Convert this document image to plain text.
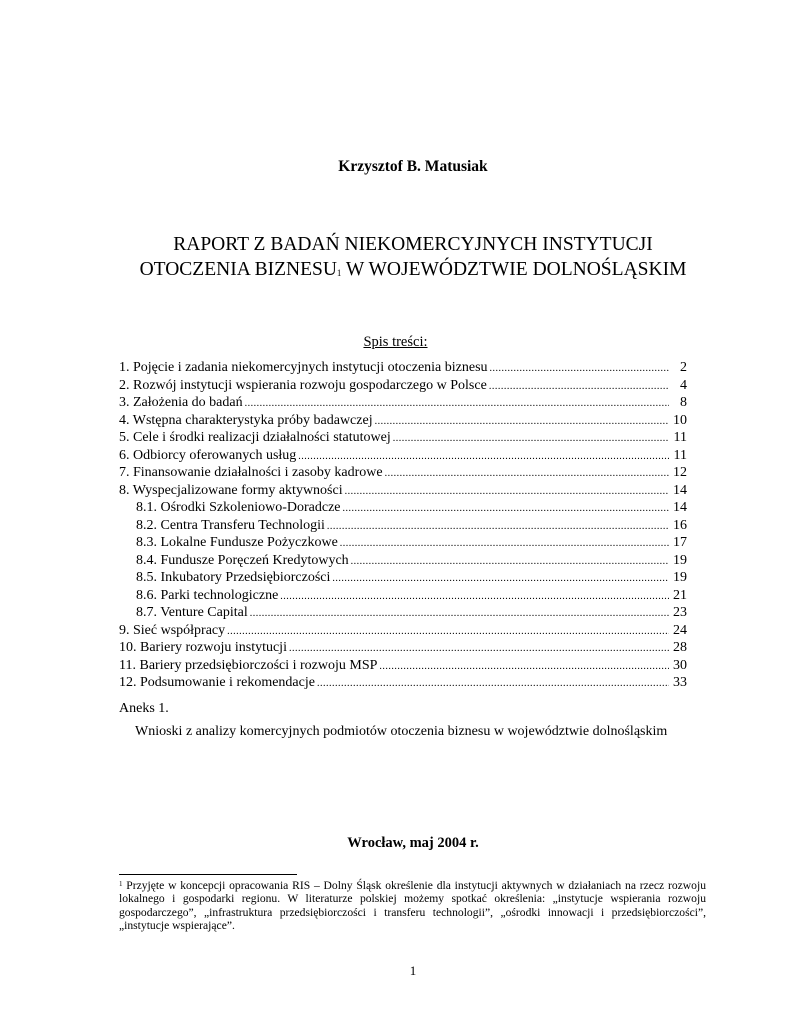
Krzysztof B. Matusiak
RAPORT Z BADAŃ NIEKOMERCYJNYCH INSTYTUCJI
OTOCZENIA BIZNESU$^1$ W WOJEWÓDZTWIE DOLNOŚLĄSKIM
Spis treści:
1. Pojęcie i zadania niekomercyjnych instytucji otoczenia biznesu .....	2
2. Rozwój instytucji wspierania rozwoju gospodarczego w Polsce .....	4
3. Założenia do badań .....	8
4. Wstępna charakterystyka próby badawczej .....	10
5. Cele i środki realizacji działalności statutowej .....	11
6. Odbiorcy oferowanych usług .....	11
7. Finansowanie działalności i zasoby kadrowe .....	12
8. Wyspecjalizowane formy aktywności .....	14
8.1. Ośrodki Szkoleniowo-Doradcze .....	14
8.2. Centra Transferu Technologii .....	16
8.3. Lokalne Fundusze Pożyczkowe .....	17
8.4. Fundusze Poręczeń Kredytowych .....	19
8.5. Inkubatory Przedsiębiorczości .....	19
8.6. Parki technologiczne .....	21
8.7. Venture Capital .....	23
9. Sieć współpracy .....	24
10. Bariery rozwoju instytucji .....	28
11. Bariery przedsiębiorczości i rozwoju MSP .....	30
12. Podsumowanie i rekomendacje .....	33
Aneks 1.
Wnioski z analizy komercyjnych podmiotów otoczenia biznesu w województwie dolnośląskim
Wrocław, maj 2004 r.
$^1$ Przyjęte w koncepcji opracowania RIS – Dolny Śląsk określenie dla instytucji aktywnych w działaniach na rzecz rozwoju lokalnego i gospodarki regionu. W literaturze polskiej możemy spotkać określenia: „instytucje wspierania rozwoju gospodarczego”, „infrastruktura przedsiębiorczości i transferu technologii”, „ośrodki innowacji i przedsiębiorczości”, „instytucje wspierające”.
1
